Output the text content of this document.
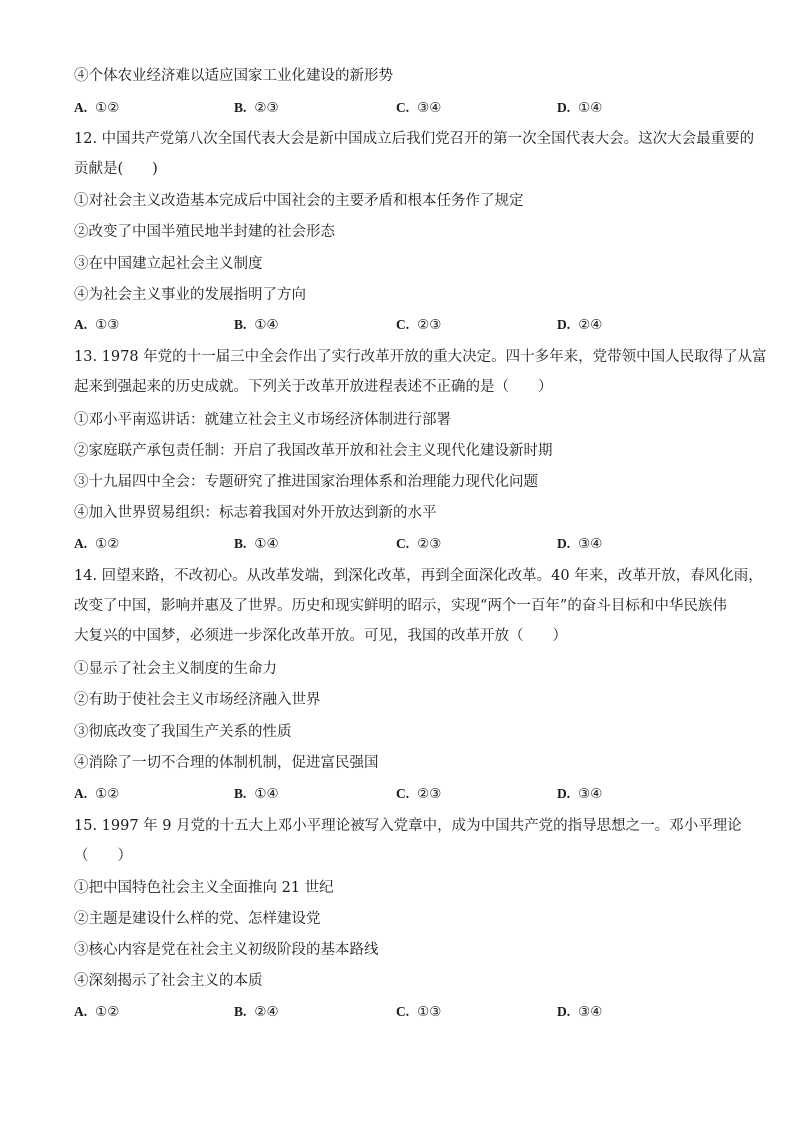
④个体农业经济难以适应国家工业化建设的新形势
A. ①②	B. ②③	C. ③④	D. ①④
12. 中国共产党第八次全国代表大会是新中国成立后我们党召开的第一次全国代表大会。这次大会最重要的
贡献是(　　)
①对社会主义改造基本完成后中国社会的主要矛盾和根本任务作了规定
②改变了中国半殖民地半封建的社会形态
③在中国建立起社会主义制度
④为社会主义事业的发展指明了方向
A. ①③	B. ①④	C. ②③	D. ②④
13. 1978 年党的十一届三中全会作出了实行改革开放的重大决定。四十多年来，党带领中国人民取得了从富
起来到强起来的历史成就。下列关于改革开放进程表述不正确的是（　　）
①邓小平南巡讲话：就建立社会主义市场经济体制进行部署
②家庭联产承包责任制：开启了我国改革开放和社会主义现代化建设新时期
③十九届四中全会：专题研究了推进国家治理体系和治理能力现代化问题
④加入世界贸易组织：标志着我国对外开放达到新的水平
A. ①②	B. ①④	C. ②③	D. ③④
14. 回望来路，不改初心。从改革发端，到深化改革，再到全面深化改革。40 年来，改革开放，春风化雨，
改变了中国，影响并惠及了世界。历史和现实鲜明的昭示，实现“两个一百年”的奋斗目标和中华民族伟
大复兴的中国梦，必须进一步深化改革开放。可见，我国的改革开放（　　）
①显示了社会主义制度的生命力
②有助于使社会主义市场经济融入世界
③彻底改变了我国生产关系的性质
④消除了一切不合理的体制机制，促进富民强国
A. ①②	B. ①④	C. ②③	D. ③④
15. 1997 年 9 月党的十五大上邓小平理论被写入党章中，成为中国共产党的指导思想之一。邓小平理论
（　　）
①把中国特色社会主义全面推向 21 世纪
②主题是建设什么样的党、怎样建设党
③核心内容是党在社会主义初级阶段的基本路线
④深刻揭示了社会主义的本质
A. ①②	B. ②④	C. ①③	D. ③④
